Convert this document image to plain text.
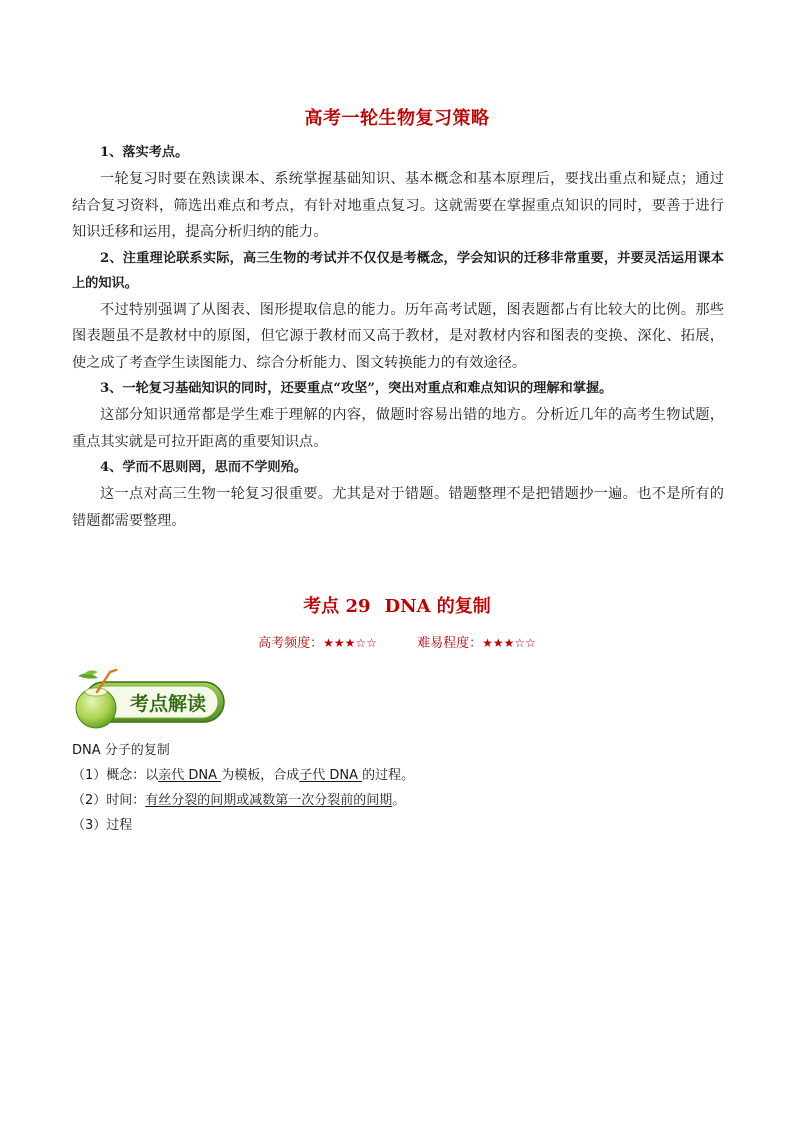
高考一轮生物复习策略
1、落实考点。
一轮复习时要在熟读课本、系统掌握基础知识、基本概念和基本原理后，要找出重点和疑点；通过结合复习资料，筛选出难点和考点，有针对地重点复习。这就需要在掌握重点知识的同时，要善于进行知识迁移和运用，提高分析归纳的能力。
2、注重理论联系实际，高三生物的考试并不仅仅是考概念，学会知识的迁移非常重要，并要灵活运用课本上的知识。
不过特别强调了从图表、图形提取信息的能力。历年高考试题，图表题都占有比较大的比例。那些图表题虽不是教材中的原图，但它源于教材而又高于教材，是对教材内容和图表的变换、深化、拓展，使之成了考查学生读图能力、综合分析能力、图文转换能力的有效途径。
3、一轮复习基础知识的同时，还要重点“攻坚”，突出对重点和难点知识的理解和掌握。
这部分知识通常都是学生难于理解的内容，做题时容易出错的地方。分析近几年的高考生物试题，重点其实就是可拉开距离的重要知识点。
4、学而不思则罔，思而不学则殆。
这一点对高三生物一轮复习很重要。尤其是对于错题。错题整理不是把错题抄一遍。也不是所有的错题都需要整理。
考点 29 DNA 的复制
高考频度：★★★☆☆	难易程度：★★★☆☆
考点解读
DNA 分子的复制
（1）概念：以亲代 DNA 为模板，合成子代 DNA 的过程。
（2）时间：有丝分裂的间期或减数第一次分裂前的间期。
（3）过程
